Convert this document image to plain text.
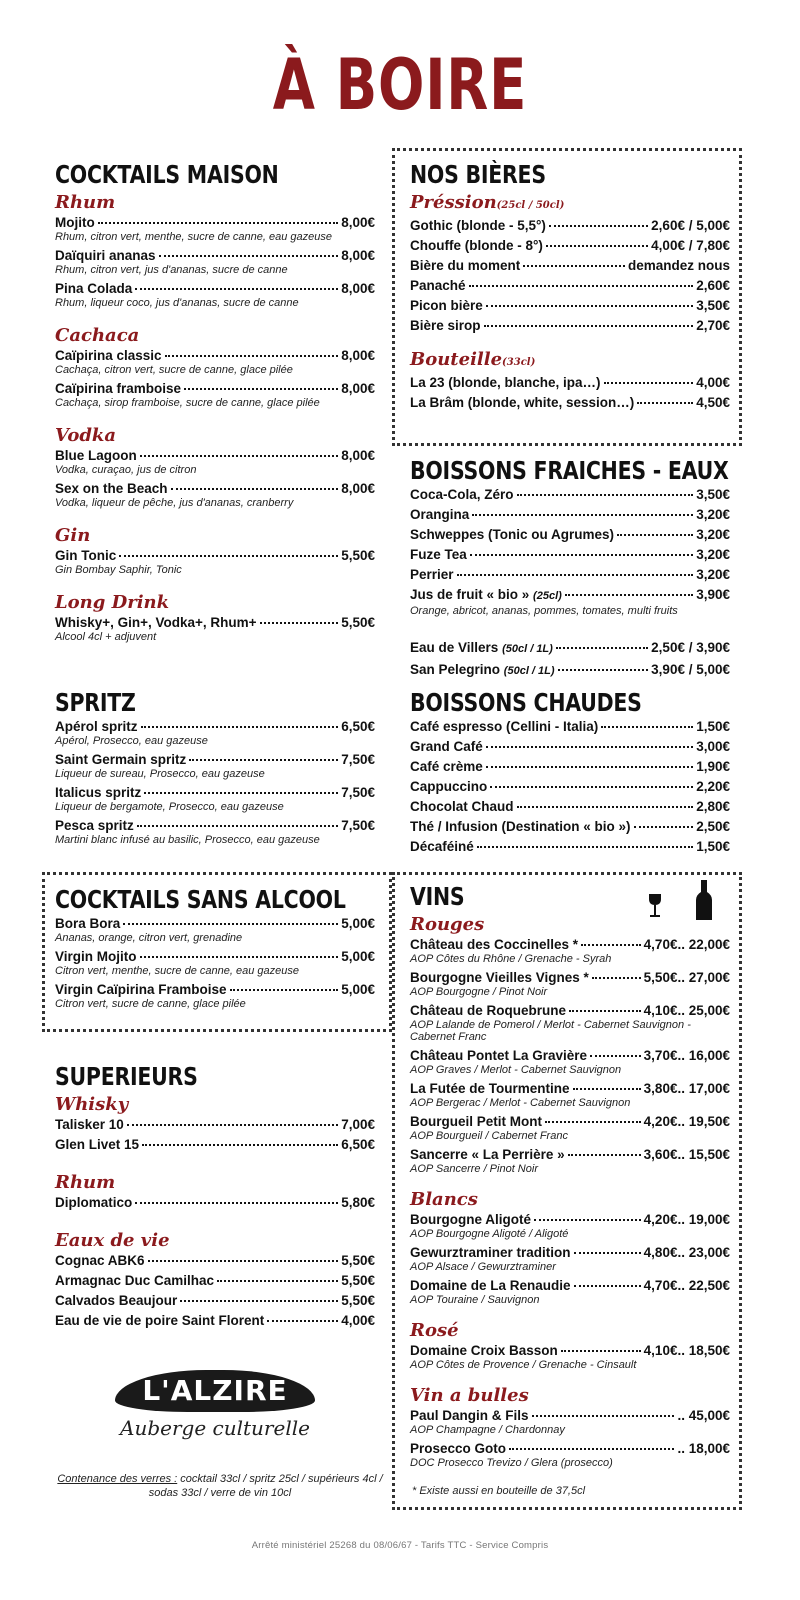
À BOIRE
COCKTAILS MAISON
Rhum
Mojito	8,00€
Rhum, citron vert, menthe, sucre de canne, eau gazeuse
Daïquiri ananas	8,00€
Rhum, citron vert, jus d'ananas, sucre de canne
Pina Colada	8,00€
Rhum, liqueur coco, jus d'ananas, sucre de canne
Cachaca
Caïpirina classic	8,00€
Cachaça, citron vert, sucre de canne, glace pilée
Caïpirina framboise	8,00€
Cachaça, sirop framboise, sucre de canne, glace pilée
Vodka
Blue Lagoon	8,00€
Vodka, curaçao, jus de citron
Sex on the Beach	8,00€
Vodka, liqueur de pêche, jus d'ananas, cranberry
Gin
Gin Tonic	5,50€
Gin Bombay Saphir, Tonic
Long Drink
Whisky+, Gin+, Vodka+, Rhum+	5,50€
Alcool 4cl + adjuvent
SPRITZ
Apérol spritz	6,50€
Apérol, Prosecco, eau gazeuse
Saint Germain spritz	7,50€
Liqueur de sureau, Prosecco, eau gazeuse
Italicus spritz	7,50€
Liqueur de bergamote, Prosecco, eau gazeuse
Pesca spritz	7,50€
Martini blanc infusé au basilic, Prosecco, eau gazeuse
COCKTAILS SANS ALCOOL
Bora Bora	5,00€
Ananas, orange, citron vert, grenadine
Virgin Mojito	5,00€
Citron vert, menthe, sucre de canne, eau gazeuse
Virgin Caïpirina Framboise	5,00€
Citron vert, sucre de canne, glace pilée
SUPERIEURS
Whisky
Talisker 10	7,00€
Glen Livet 15	6,50€
Rhum
Diplomatico	5,80€
Eaux de vie
Cognac ABK6	5,50€
Armagnac Duc Camilhac	5,50€
Calvados Beaujour	5,50€
Eau de vie de poire Saint Florent	4,00€
L'ALZIRE
Auberge culturelle
Contenance des verres : cocktail 33cl / spritz 25cl / supérieurs 4cl / sodas 33cl / verre de vin 10cl
NOS BIÈRES
Préssion(25cl / 50cl)
Gothic (blonde - 5,5°)	2,60€ / 5,00€
Chouffe (blonde - 8°)	4,00€ / 7,80€
Bière du moment	demandez nous
Panaché	2,60€
Picon bière	3,50€
Bière sirop	2,70€
Bouteille(33cl)
La 23 (blonde, blanche, ipa…)	4,00€
La Brâm (blonde, white, session…)	4,50€
BOISSONS FRAICHES - EAUX
Coca-Cola, Zéro	3,50€
Orangina	3,20€
Schweppes (Tonic ou Agrumes)	3,20€
Fuze Tea	3,20€
Perrier	3,20€
Jus de fruit « bio » (25cl)	3,90€
Orange, abricot, ananas, pommes, tomates, multi fruits
Eau de Villers (50cl / 1L)	2,50€ / 3,90€
San Pelegrino (50cl / 1L)	3,90€ / 5,00€
BOISSONS CHAUDES
Café espresso (Cellini - Italia)	1,50€
Grand Café	3,00€
Café crème	1,90€
Cappuccino	2,20€
Chocolat Chaud	2,80€
Thé / Infusion (Destination « bio »)	2,50€
Décaféiné	1,50€
VINS
Rouges
Château des Coccinelles *	4,70€.. 22,00€
AOP Côtes du Rhône / Grenache - Syrah
Bourgogne Vieilles Vignes *	5,50€.. 27,00€
AOP Bourgogne / Pinot Noir
Château de Roquebrune	4,10€.. 25,00€
AOP Lalande de Pomerol / Merlot - Cabernet Sauvignon - Cabernet Franc
Château Pontet La Gravière	3,70€.. 16,00€
AOP Graves / Merlot - Cabernet Sauvignon
La Futée de Tourmentine	3,80€.. 17,00€
AOP Bergerac / Merlot - Cabernet Sauvignon
Bourgueil Petit Mont	4,20€.. 19,50€
AOP Bourgueil / Cabernet Franc
Sancerre « La Perrière »	3,60€.. 15,50€
AOP Sancerre / Pinot Noir
Blancs
Bourgogne Aligoté	4,20€.. 19,00€
AOP Bourgogne Aligoté / Aligoté
Gewurztraminer tradition	4,80€.. 23,00€
AOP Alsace / Gewurztraminer
Domaine de La Renaudie	4,70€.. 22,50€
AOP Touraine / Sauvignon
Rosé
Domaine Croix Basson	4,10€.. 18,50€
AOP Côtes de Provence / Grenache - Cinsault
Vin a bulles
Paul Dangin & Fils	.. 45,00€
AOP Champagne / Chardonnay
Prosecco Goto	.. 18,00€
DOC Prosecco Trevizo / Glera (prosecco)
* Existe aussi en bouteille de 37,5cl
Arrêté ministériel 25268 du 08/06/67 - Tarifs TTC - Service Compris
